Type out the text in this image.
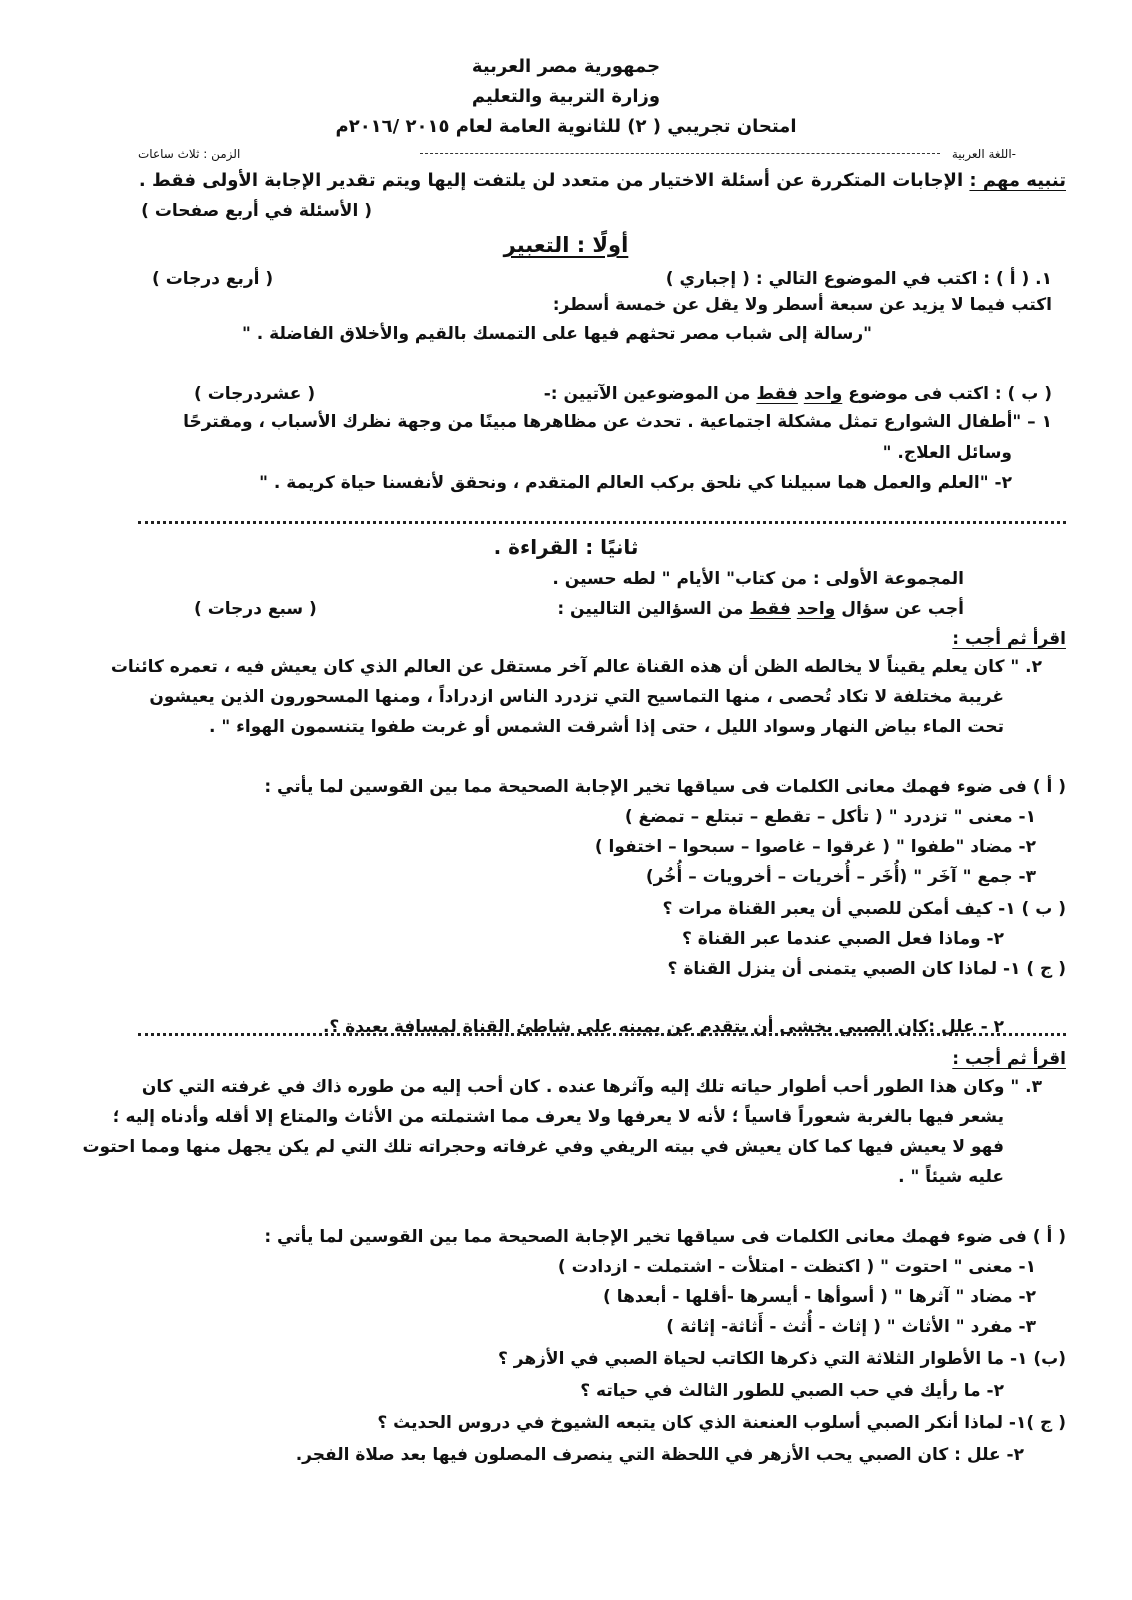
جمهورية مصر العربية
وزارة التربية والتعليم
امتحان تجريبي ( ٢) للثانوية العامة لعام ٢٠١٥ /٢٠١٦م
-اللغة العربية
الزمن : ثلاث ساعات
تنبيه مهم : الإجابات المتكررة عن أسئلة الاختيار من متعدد لن يلتفت إليها ويتم تقدير الإجابة الأولى فقط .
( الأسئلة في أربع صفحات )
أولًا : التعبير
١. ( أ ) : اكتب في الموضوع التالي : ( إجباري )
( أربع درجات )
اكتب فيما لا يزيد عن سبعة أسطر ولا يقل عن خمسة أسطر:
"رسالة إلى شباب مصر تحثهم فيها على التمسك بالقيم والأخلاق الفاضلة . "
( ب ) : اكتب فى موضوع واحد فقط من الموضوعين الآتيين :-
( عشردرجات )
١ – "أطفال الشوارع تمثل مشكلة اجتماعية . تحدث عن مظاهرها مبينًا من وجهة نظرك الأسباب ، ومقترحًا
وسائل العلاج. "
٢- "العلم والعمل هما سبيلنا كي نلحق بركب العالم المتقدم ، ونحقق لأنفسنا حياة كريمة . "
ثانيًا : القراءة .
المجموعة الأولى : من كتاب" الأيام " لطه حسين .
أجب عن سؤال واحد فقط من السؤالين التاليين :
( سبع درجات )
اقرأ ثم أجب :
٢. " كان يعلم يقيناً لا يخالطه الظن أن هذه القناة عالم آخر مستقل عن العالم الذي كان يعيش فيه ، تعمره كائنات
غريبة مختلفة لا تكاد تُحصى ، منها التماسيح التي تزدرد الناس ازدراداً ، ومنها المسحورون الذين يعيشون
تحت الماء بياض النهار وسواد الليل ، حتى إذا أشرقت الشمس أو غربت طفوا يتنسمون الهواء " .
( أ ) فى ضوء فهمك معانى الكلمات فى سياقها تخير الإجابة الصحيحة مما بين القوسين لما يأتي :
١- معنى " تزدرد " ( تأكل – تقطع – تبتلع – تمضغ )
٢- مضاد "طفوا " ( غرقوا – غاصوا – سبحوا – اختفوا )
٣- جمع " آخَر " (أُخَر – أُخريات – أخرويات – أُخُر)
( ب ) ١- كيف أمكن للصبي أن يعبر القناة مرات ؟
٢- وماذا فعل الصبي عندما عبر القناة ؟
( ج ) ١- لماذا كان الصبي يتمنى أن ينزل القناة ؟
٢ - علل :كان الصبي يخشى أن يتقدم عن يمينه على شاطئ القناة لمسافة بعيدة ؟.
اقرأ ثم أجب :
٣. " وكان هذا الطور أحب أطوار حياته تلك إليه وآثرها عنده . كان أحب إليه من طوره ذاك في غرفته التي كان
يشعر فيها بالغربة شعوراً قاسياً ؛ لأنه لا يعرفها ولا يعرف مما اشتملته من الأثاث والمتاع إلا أقله وأدناه إليه ؛
فهو لا يعيش فيها كما كان يعيش في بيته الريفي وفي غرفاته وحجراته تلك التي لم يكن يجهل منها ومما احتوت
عليه شيئاً " .
( أ ) فى ضوء فهمك معانى الكلمات فى سياقها تخير الإجابة الصحيحة مما بين القوسين لما يأتي :
١- معنى " احتوت " ( اكتظت - امتلأت - اشتملت - ازدادت )
٢- مضاد " آثرها " ( أسوأها - أيسرها -أقلها - أبعدها )
٣- مفرد " الأثاث " ( إثاث - أُثث - أَثاثة- إثاثة )
(ب) ١- ما الأطوار الثلاثة التي ذكرها الكاتب لحياة الصبي في الأزهر ؟
٢- ما رأيك في حب الصبي للطور الثالث في حياته ؟
( ج )١- لماذا أنكر الصبي أسلوب العنعنة الذي كان يتبعه الشيوخ في دروس الحديث ؟
٢- علل : كان الصبي يحب الأزهر في اللحظة التي ينصرف المصلون فيها بعد صلاة الفجر.
